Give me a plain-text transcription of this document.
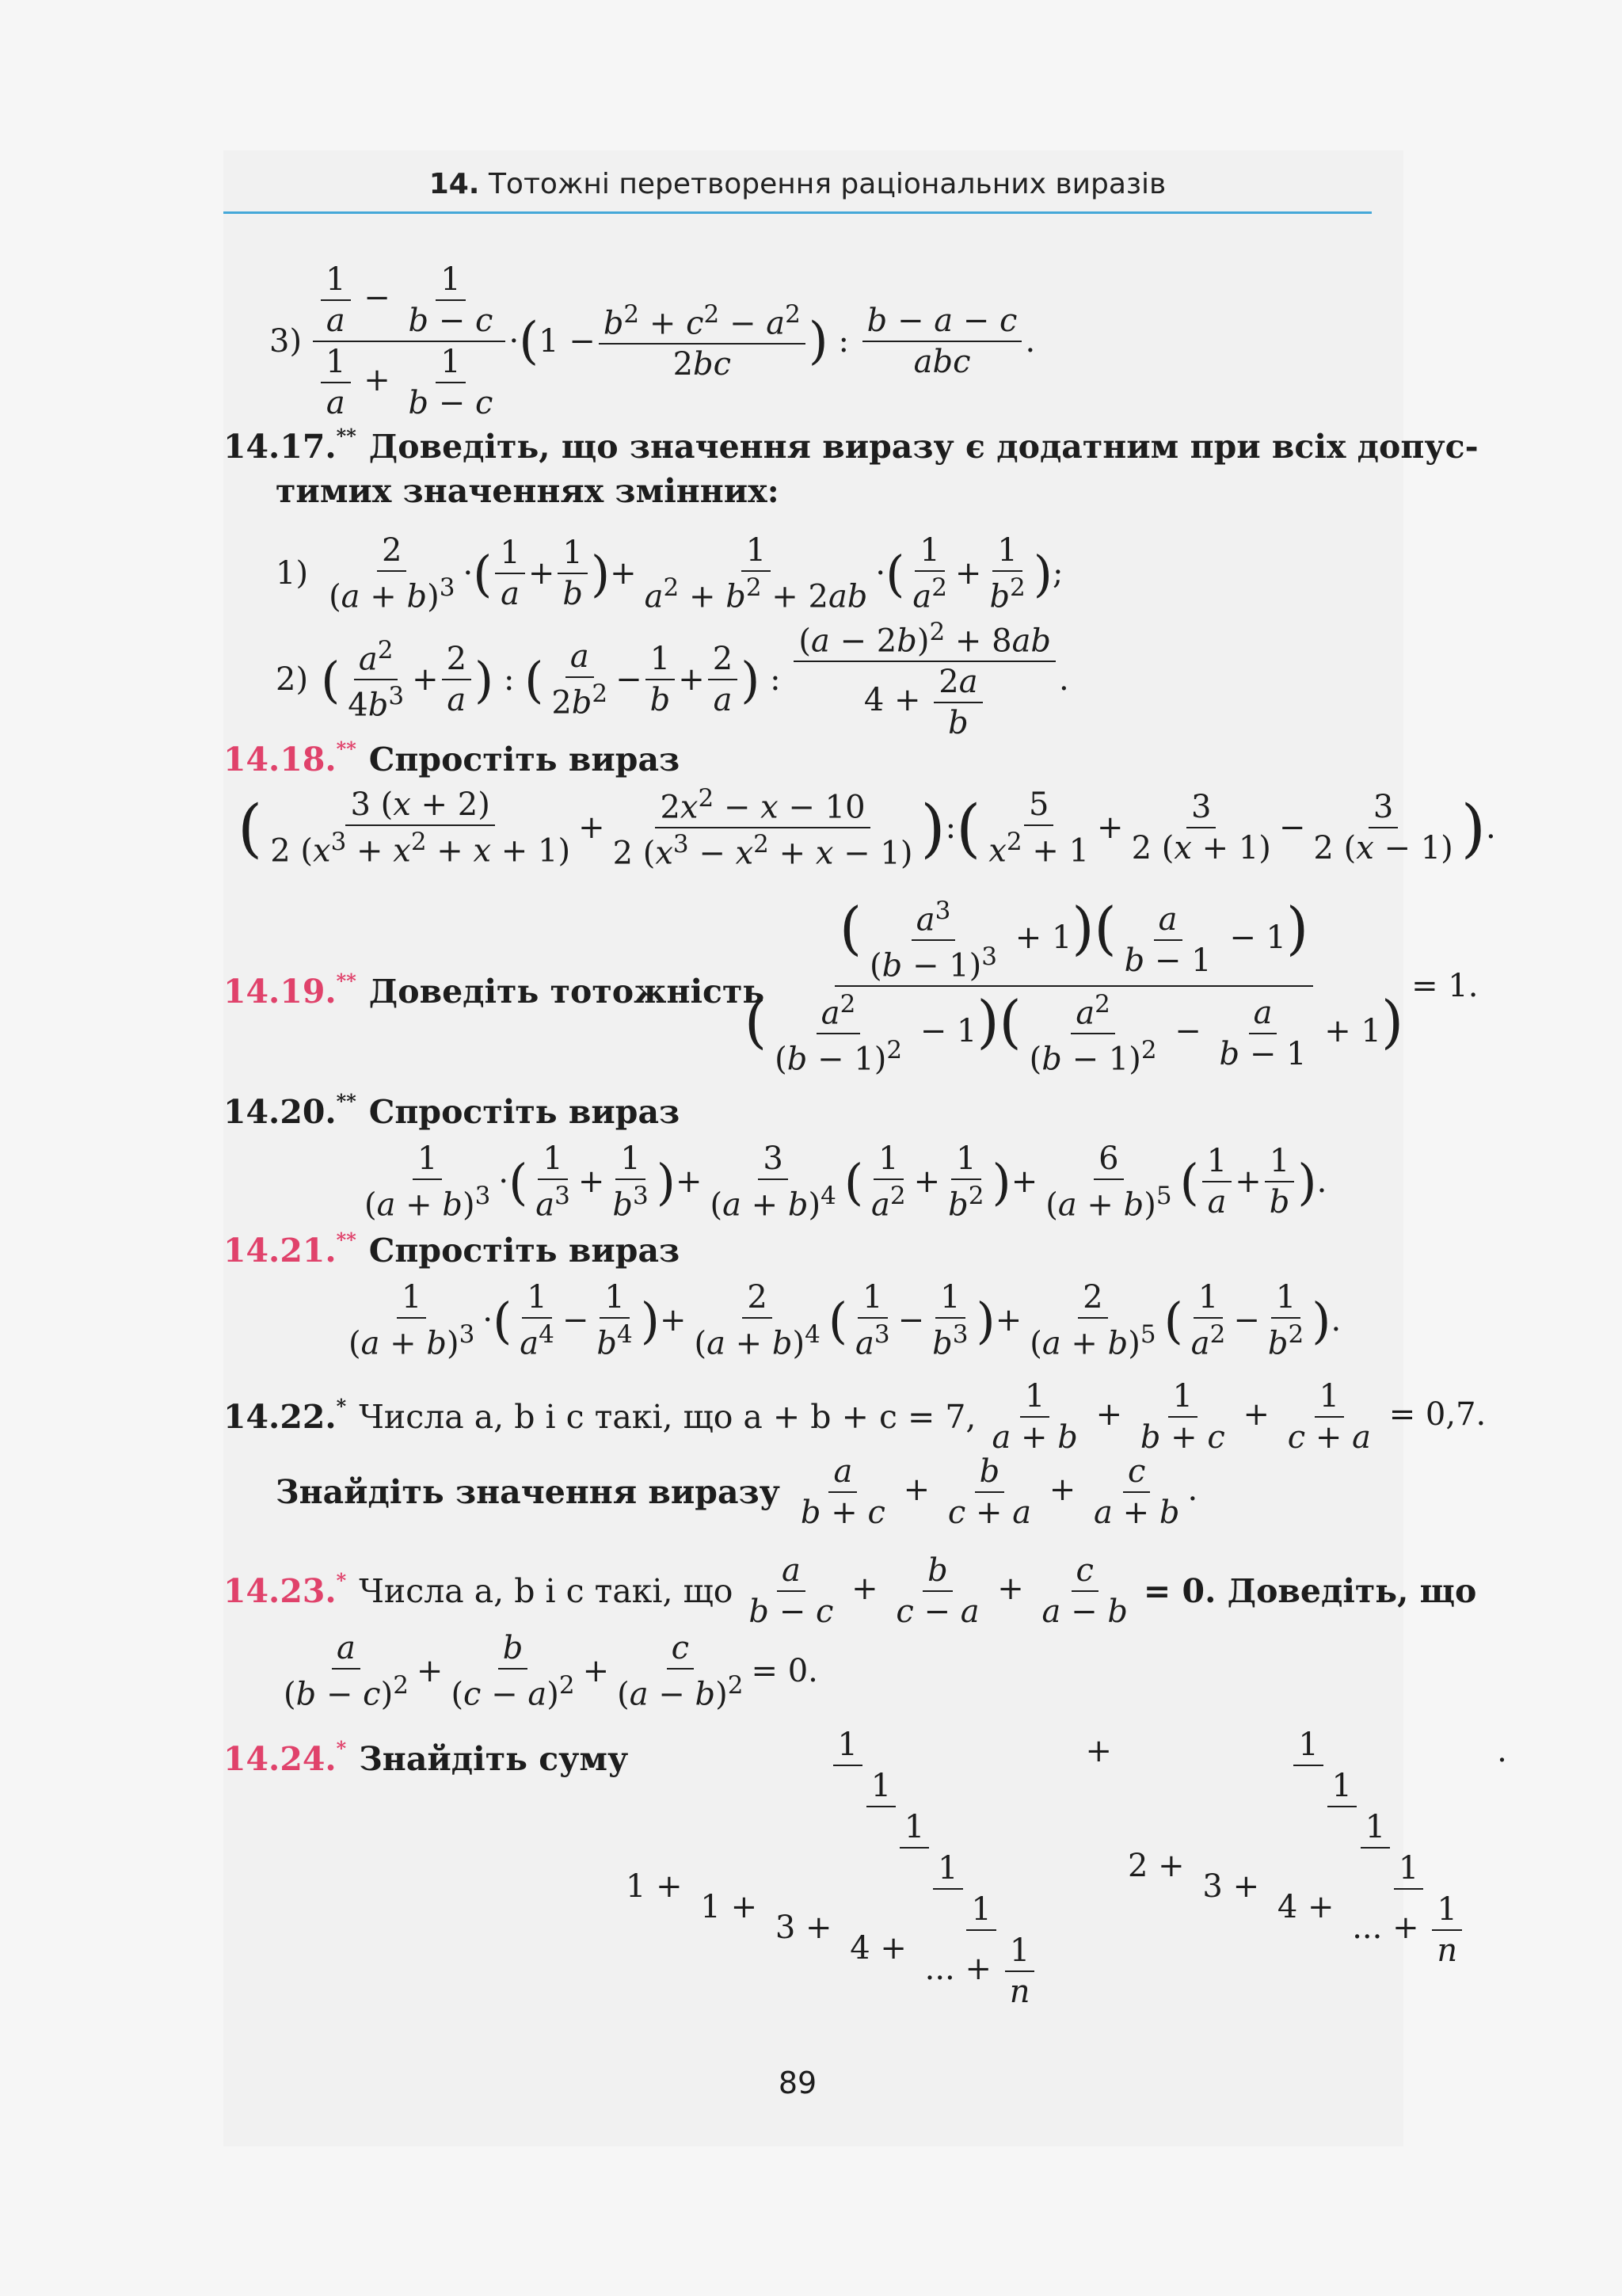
14. Тотожні перетворення раціональних виразів
3)
$\frac{1}{a} - \frac{1}{b - c}$
$\frac{1}{a} + \frac{1}{b - c}$
· ( $1 - b^2 + c^2 - a^2$
2bc ) :
b − a − c
abc
.
14.17.** Доведіть, що значення виразу є додатним при всіх допус-
тимих значеннях змінних:
1)
2
$(a + b)^3$ · ( 1
a
+
1
b ) +
1
$a^2 + b^2 + 2ab$
· ( 1
$a^2$ +
1
$b^2$ ) ;
2) ( $a^2$
$4b^3$ +
2
a ) : ( a
$2b^2$ −
1
b
+
2
a ) :
$(a - 2b)^2 + 8ab$
$4 + \frac{2a}{b}$ .
14.18.** Спростіть вираз
(	3 (x + 2)
2 $(x^3 + x^2 + x + 1)$
+
$2x^2 - x - 10$
2 $(x^3 - x^2 + x - 1)$ ) : ( 5
$x^2 + 1$
+
3
2 (x + 1)
−
3
2 (x − 1) ) .
14.19.** Доведіть тотожність
( $\frac{a^3}{(b - 1)^3} + 1)( \frac{a}{b - 1} - 1)$
( $\frac{a^2}{(b - 1)^2} - 1)( \frac{a^2}{(b - 1)^2} - \frac{a}{b - 1} + 1)$
= 1.
14.20.** Спростіть вираз
1
$(a + b)^3$ · ( 1
$a^3$ +
1
$b^3$ ) +
3
$(a + b)^4$ ( 1
$a^2$ +
1
$b^2$ ) +
6
$(a + b)^5$ ( 1
a
+
1
b ) .
14.21.** Спростіть вираз
1
$(a + b)^3$ · ( 1
$a^4$ −
1
$b^4$ ) +
2
$(a + b)^4$ ( 1
$a^3$ −
1
$b^3$ ) +
2
$(a + b)^5$ ( 1
$a^2$ −
1
$b^2$ ) .
14.22.* Числа a, b і c такі, що a + b + c = 7, $\frac{1}{a + b} + \frac{1}{b + c} + \frac{1}{c + a} = 0,7$.
Знайдіть значення виразу $\frac{a}{b + c} + \frac{b}{c + a} + \frac{c}{a + b}$ .
14.23.* Числа a, b і c такі, що $\frac{a}{b - c} + \frac{b}{c - a} + \frac{c}{a - b} = 0$. Доведіть, що
a
$(b - c)^2$ +
b
$(c - a)^2$ +
c
$(a - b)^2 = 0$.
14.24.* Знайдіть суму	1
$1 + \frac{1}{1 + \frac{1}{3 + \frac{1}{4 + \frac{1}{... + \frac{1}{n}}}}}$
+ $\frac{1}{2 + \frac{1}{3 + \frac{1}{4 + \frac{1}{... + \frac{1}{n}}}}}$ .
89
